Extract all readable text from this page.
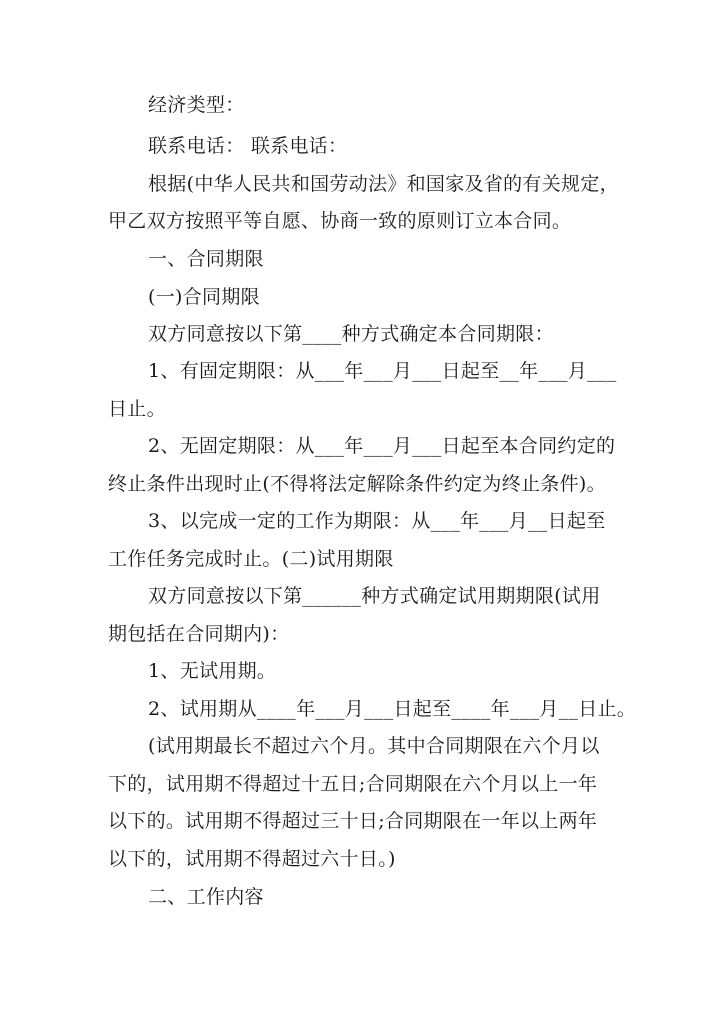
经济类型：
联系电话： 联系电话：
根据(中华人民共和国劳动法》和国家及省的有关规定，
甲乙双方按照平等自愿、协商一致的原则订立本合同。
一、合同期限
(一)合同期限
双方同意按以下第____种方式确定本合同期限：
1、有固定期限：从___年___月___日起至__年___月___
日止。
2、无固定期限：从___年___月___日起至本合同约定的
终止条件出现时止(不得将法定解除条件约定为终止条件)。
3、以完成一定的工作为期限：从___年___月__日起至
工作任务完成时止。(二)试用期限
双方同意按以下第______种方式确定试用期期限(试用
期包括在合同期内)：
1、无试用期。
2、试用期从____年___月___日起至____年___月__日止。
(试用期最长不超过六个月。其中合同期限在六个月以
下的，试用期不得超过十五日;合同期限在六个月以上一年
以下的。试用期不得超过三十日;合同期限在一年以上两年
以下的，试用期不得超过六十日。)
二、工作内容
